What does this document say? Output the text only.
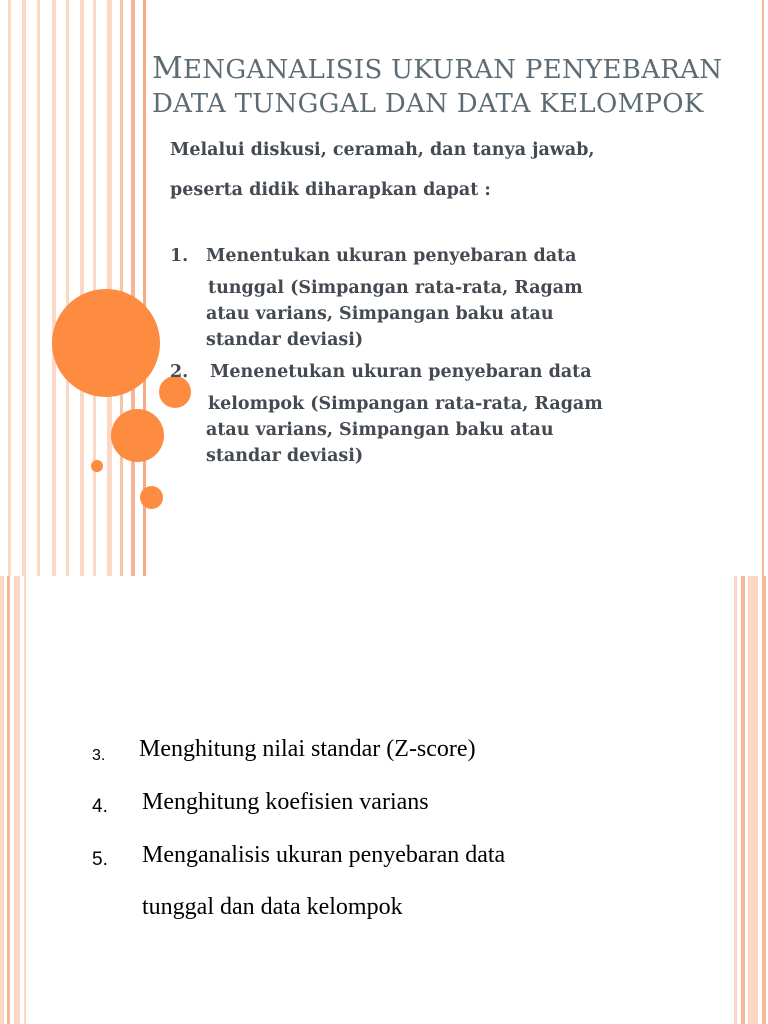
MENGANALISIS UKURAN PENYEBARAN
DATA TUNGGAL DAN DATA KELOMPOK
Melalui diskusi, ceramah, dan tanya jawab,
peserta didik diharapkan dapat :
1. Menentukan ukuran penyebaran data
tunggal (Simpangan rata-rata, Ragam
atau varians, Simpangan baku atau
standar deviasi)
2. Menenetukan ukuran penyebaran data
kelompok (Simpangan rata-rata, Ragam
atau varians, Simpangan baku atau
standar deviasi)
3. Menghitung nilai standar (Z-score)
4. Menghitung koefisien varians
5. Menganalisis ukuran penyebaran data
tunggal dan data kelompok
